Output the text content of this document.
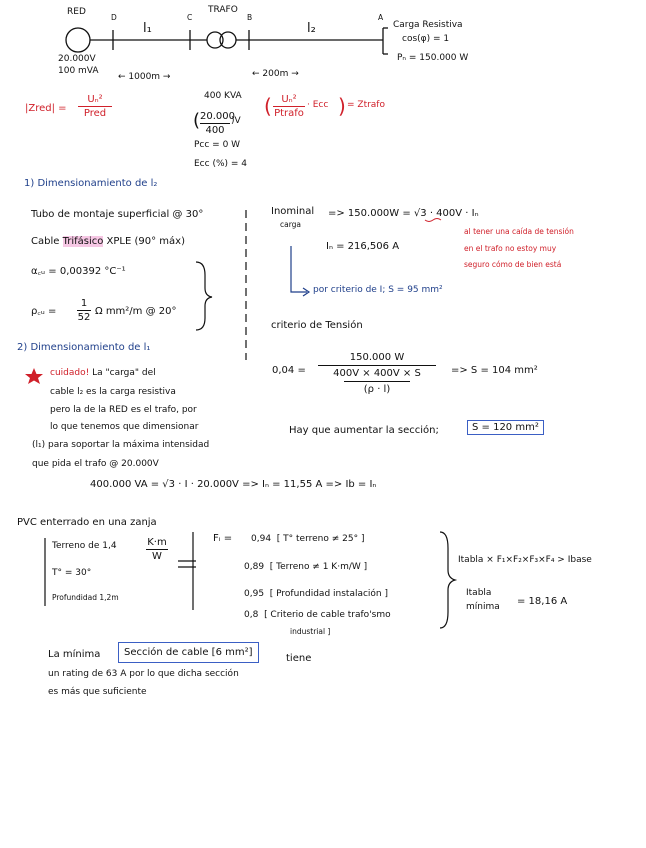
RED	TRAFO
D	C	B	A
l₁	l₂
20.000V
100 mVA
← 1000m →	← 200m →
Carga Resistiva
cos(φ) = 1
Pₙ = 150.000 W
|Zred| =
Uₙ²
Pred
400 KVA
( 20.000
400
)V
Pcc = 0 W
Ecc (%) = 4
( Uₙ²
Ptrafo
· Ecc ) = Ztrafo
1) Dimensionamiento de l₂
Tubo de montaje superficial @ 30°
Cable Trifásico XPLE (90° máx)
α꜀ᵤ = 0,00392 °C⁻¹
ρ꜀ᵤ =
1
52
Ω mm²/m @ 20°
Inominal
carga
=> 150.000W = √3 · 400V · Iₙ
Iₙ = 216,506 A
por criterio de I; S = 95 mm²
al tener una caída de tensión
en el trafo no estoy muy
seguro cómo de bien está
criterio de Tensión
0,04 =
150.000 W
400V × 400V × S
(ρ · l)
=> S = 104 mm²
Hay que aumentar la sección;	S = 120 mm²
2) Dimensionamiento de l₁
cuidado! La "carga" del
cable l₂ es la carga resistiva
pero la de la RED es el trafo, por
lo que tenemos que dimensionar
(l₁) para soportar la máxima intensidad
que pida el trafo @ 20.000V
400.000 VA = √3 · I · 20.000V => Iₙ = 11,55 A => Ib = Iₙ
PVC enterrado en una zanja
Terreno de 1,4	K·m
W
T° = 30°
Profundidad 1,2m
Fᵢ = 0,94 [ T° terreno ≠ 25° ]
0,89 [ Terreno ≠ 1 K·m/W ]
0,95 [ Profundidad instalación ]
0,8 [ Criterio de cable trafo'smo
industrial ]
Itabla × F₁×F₂×F₃×F₄ > Ibase
Itabla
mínima = 18,16 A
La mínima	Sección de cable [6 mm²]
tiene
un rating de 63 A por lo que dicha sección
es más que suficiente
